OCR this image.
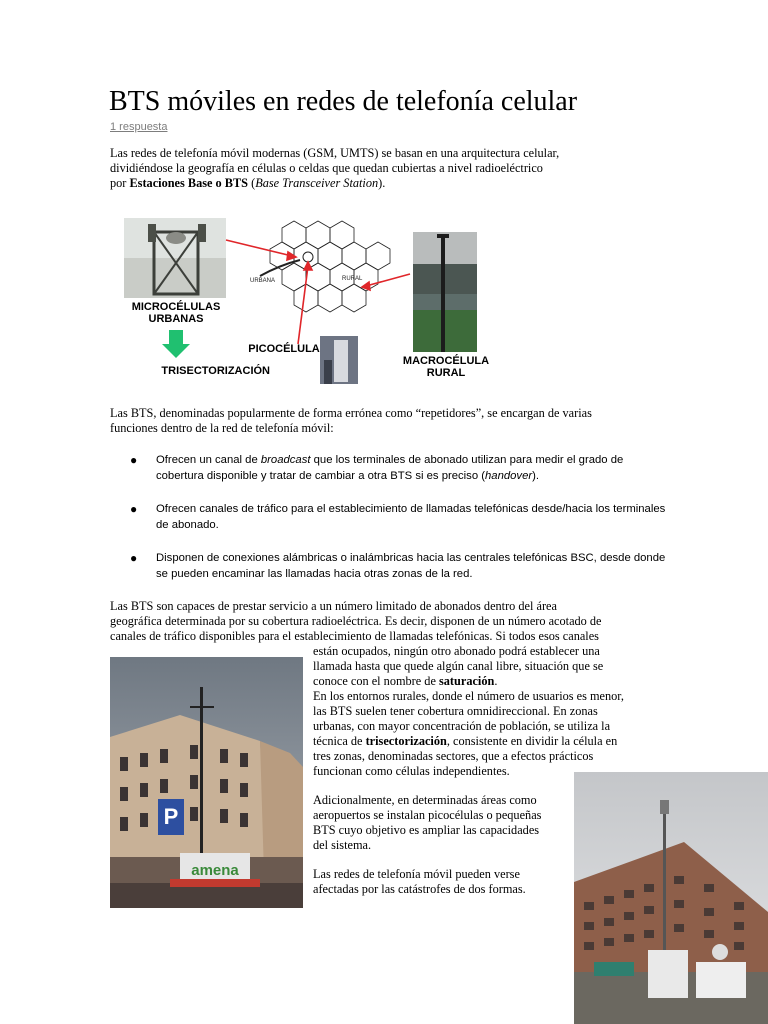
BTS móviles en redes de telefonía celular
1 respuesta
Las redes de telefonía móvil modernas (GSM, UMTS) se basan en una arquitectura celular,
dividiéndose la geografía en células o celdas que quedan cubiertas a nivel radioeléctrico
por Estaciones Base o BTS (Base Transceiver Station).
URBANA	RURAL
MICROCÉLULAS
URBANAS
PICOCÉLULA
TRISECTORIZACIÓN
MACROCÉLULA
RURAL
Las BTS, denominadas popularmente de forma errónea como “repetidores”, se encargan de varias
funciones dentro de la red de telefonía móvil:
● Ofrecen un canal de broadcast que los terminales de abonado utilizan para medir el grado de cobertura disponible y tratar de cambiar a otra BTS si es preciso (handover).
● Ofrecen canales de tráfico para el establecimiento de llamadas telefónicas desde/hacia los terminales de abonado.
● Disponen de conexiones alámbricas o inalámbricas hacia las centrales telefónicas BSC, desde donde se pueden encaminar las llamadas hacia otras zonas de la red.
Las BTS son capaces de prestar servicio a un número limitado de abonados dentro del área
geográfica determinada por su cobertura radioeléctrica. Es decir, disponen de un número acotado de
canales de tráfico disponibles para el establecimiento de llamadas telefónicas. Si todos esos canales
están ocupados, ningún otro abonado podrá establecer una
llamada hasta que quede algún canal libre, situación que se
conoce con el nombre de saturación.
En los entornos rurales, donde el número de usuarios es menor,
las BTS suelen tener cobertura omnidireccional. En zonas
urbanas, con mayor concentración de población, se utiliza la
técnica de trisectorización, consistente en dividir la célula en
tres zonas, denominadas sectores, que a efectos prácticos
funcionan como células independientes.
Adicionalmente, en determinadas áreas como
aeropuertos se instalan picocélulas o pequeñas
BTS cuyo objetivo es ampliar las capacidades
del sistema.
Las redes de telefonía móvil pueden verse
afectadas por las catástrofes de dos formas.
P
amena
